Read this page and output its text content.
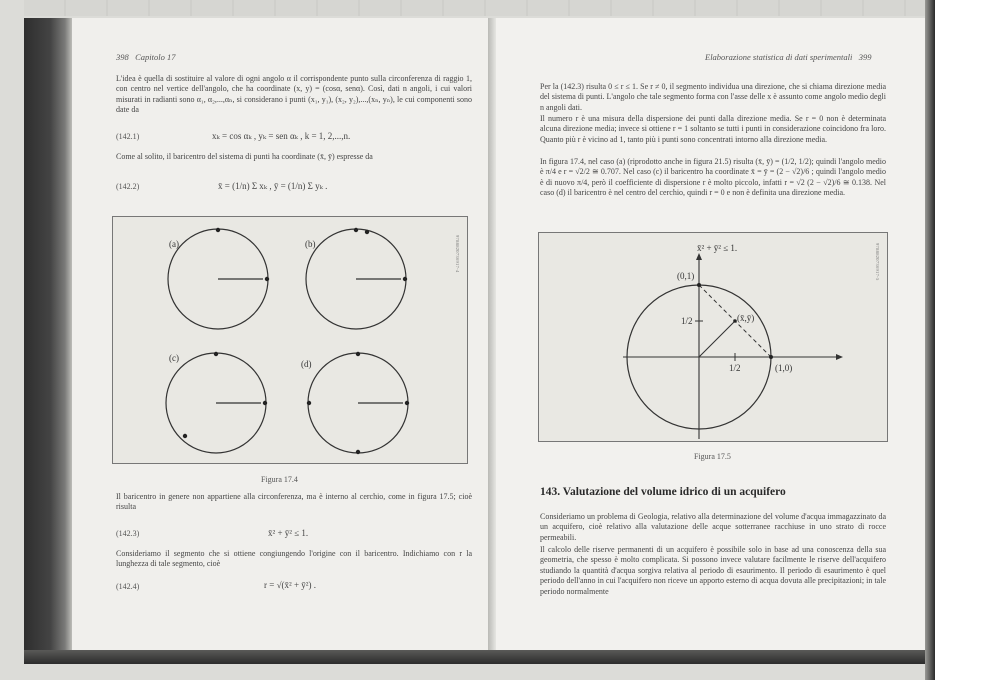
398 Capitolo 17
L'idea è quella di sostituire al valore di ogni angolo α il corrispondente punto sulla circonferenza di raggio 1, con centro nel vertice dell'angolo, che ha coordinate (x, y) = (cosα, senα). Così, dati n angoli, i cui valori misurati in radianti sono α₁, α₂,...,αₙ, si considerano i punti (x₁, y₁), (x₂, y₂),...,(xₙ, yₙ), le cui componenti sono date da
(142.1)	xₖ = cos αₖ , yₖ = sen αₖ , k = 1, 2,...,n.
Come al solito, il baricentro del sistema di punti ha coordinate (x̄, ȳ) espresse da
(142.2)	x̄ = (1/n) Σ xₖ , ȳ = (1/n) Σ yₖ .
(a)	(b)
(c)
(d)
9788820736917-4
Figura 17.4
Il baricentro in genere non appartiene alla circonferenza, ma è interno al cerchio, come in figura 17.5; cioè risulta
(142.3)	x̄² + ȳ² ≤ 1.
Consideriamo il segmento che si ottiene congiungendo l'origine con il baricentro. Indichiamo con r la lunghezza di tale segmento, cioè
(142.4)	r = √(x̄² + ȳ²) .
Elaborazione statistica di dati sperimentali 399
Per la (142.3) risulta 0 ≤ r ≤ 1. Se r ≠ 0, il segmento individua una direzione, che si chiama direzione media del sistema di punti. L'angolo che tale segmento forma con l'asse delle x è assunto come angolo medio degli n angoli dati.
Il numero r è una misura della dispersione dei punti dalla direzione media. Se r = 0 non è determinata alcuna direzione media; invece si ottiene r = 1 soltanto se tutti i punti in considerazione coincidono fra loro. Quanto più r è vicino ad 1, tanto più i punti sono concentrati intorno alla direzione media.
In figura 17.4, nel caso (a) (riprodotto anche in figura 21.5) risulta (x̄, ȳ) = (1/2, 1/2); quindi l'angolo medio è π/4 e r = √2/2 ≅ 0.707. Nel caso (c) il baricentro ha coordinate x̄ = ȳ = (2 − √2)/6 ; quindi l'angolo medio è di nuovo π/4, però il coefficiente di dispersione r è molto piccolo, infatti r = √2 (2 − √2)/6 ≅ 0.138. Nel caso (d) il baricentro è nel centro del cerchio, quindi r = 0 e non è definita una direzione media.
x̄² + ȳ² ≤ 1.
(0,1)
1/2	(x̄,ȳ)
1/2	(1,0)
9788820736917-5
Figura 17.5
143. Valutazione del volume idrico di un acquifero
Consideriamo un problema di Geologia, relativo alla determinazione del volume d'acqua immagazzinato da un acquifero, cioè relativo alla valutazione delle acque sotterranee racchiuse in uno strato di rocce permeabili.
Il calcolo delle riserve permanenti di un acquifero è possibile solo in base ad una conoscenza della sua geometria, che spesso è molto complicata. Si possono invece valutare facilmente le riserve dell'acquifero studiando la quantità d'acqua sorgiva relativa al periodo di esaurimento. Il periodo di esaurimento è quel periodo dell'anno in cui l'acquifero non riceve un apporto esterno di acqua dovuta alle precipitazioni; in tale periodo normalmente
